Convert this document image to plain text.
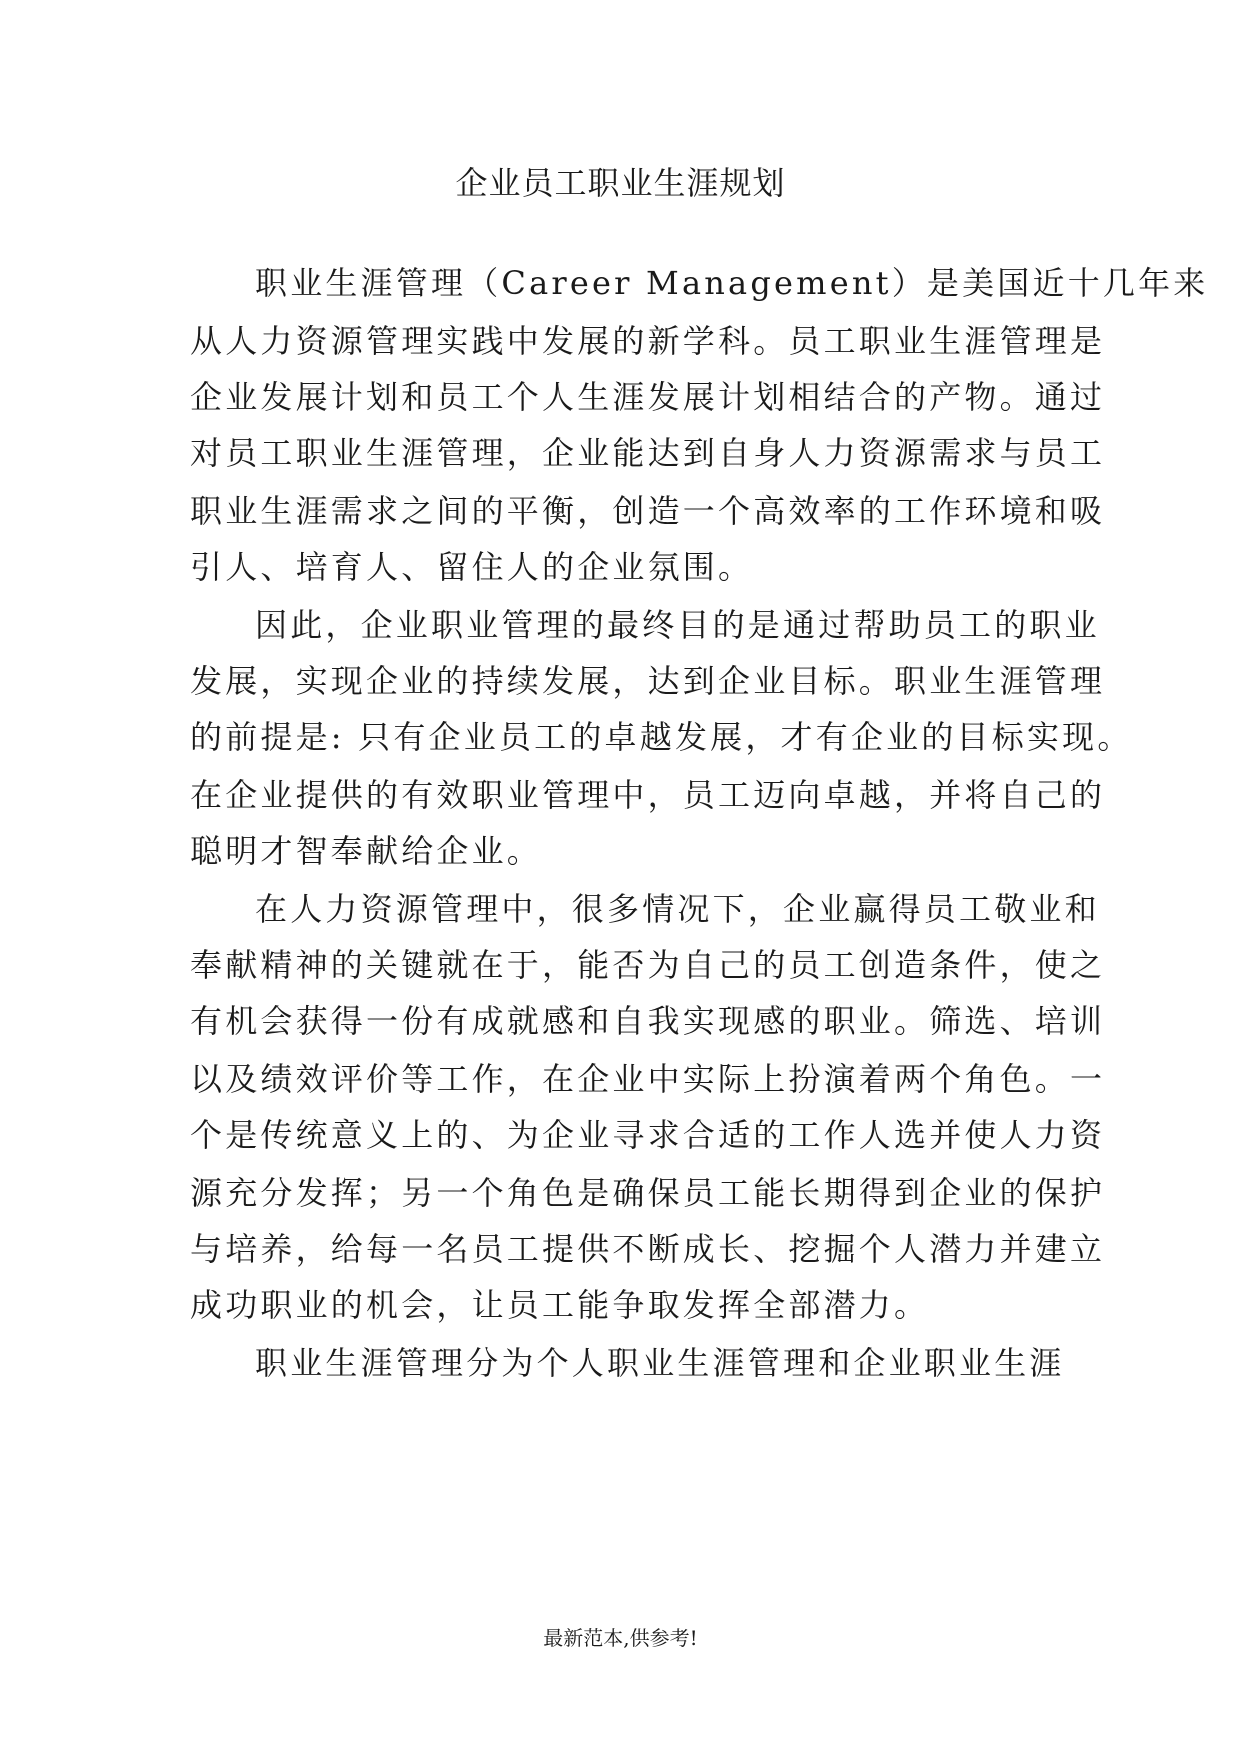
企业员工职业生涯规划

职业生涯管理（Career Management）是美国近十几年来

从人力资源管理实践中发展的新学科。员工职业生涯管理是

企业发展计划和员工个人生涯发展计划相结合的产物。通过

对员工职业生涯管理，企业能达到自身人力资源需求与员工

职业生涯需求之间的平衡，创造一个高效率的工作环境和吸

引人、培育人、留住人的企业氛围。

因此，企业职业管理的最终目的是通过帮助员工的职业

发展，实现企业的持续发展，达到企业目标。职业生涯管理

的前提是: 只有企业员工的卓越发展，才有企业的目标实现。

在企业提供的有效职业管理中，员工迈向卓越，并将自己的

聪明才智奉献给企业。

在人力资源管理中，很多情况下，企业赢得员工敬业和

奉献精神的关键就在于，能否为自己的员工创造条件，使之

有机会获得一份有成就感和自我实现感的职业。筛选、培训

以及绩效评价等工作，在企业中实际上扮演着两个角色。一

个是传统意义上的、为企业寻求合适的工作人选并使人力资

源充分发挥；另一个角色是确保员工能长期得到企业的保护

与培养，给每一名员工提供不断成长、挖掘个人潜力并建立

成功职业的机会，让员工能争取发挥全部潜力。

职业生涯管理分为个人职业生涯管理和企业职业生涯

最新范本,供参考!
